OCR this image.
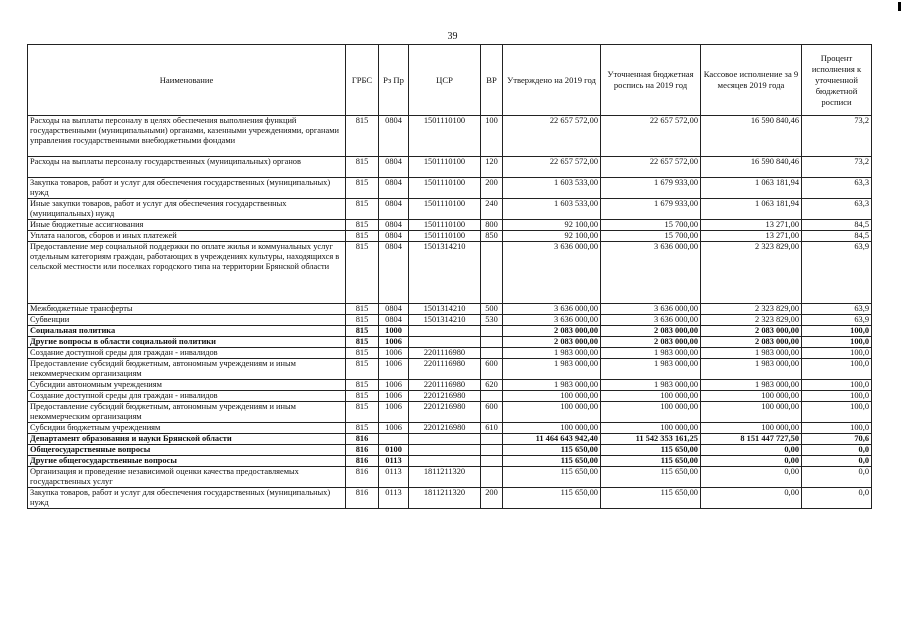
39
Наименование	ГРБС	Рз Пр	ЦСР	ВР	Утверждено на 2019 год	Уточненная бюджетная роспись на 2019 год	Кассовое исполнение за 9 месяцев 2019 года	Процент исполнения к уточненной бюджетной росписи
Расходы на выплаты персоналу в целях обеспечения выполнения функций государственными (муниципальными) органами, казенными учреждениями, органами управления государственными внебюджетными фондами	815	0804	1501110100	100	22 657 572,00	22 657 572,00	16 590 840,46	73,2
Расходы на выплаты персоналу государственных (муниципальных) органов	815	0804	1501110100	120	22 657 572,00	22 657 572,00	16 590 840,46	73,2
Закупка товаров, работ и услуг для обеспечения государственных (муниципальных) нужд	815	0804	1501110100	200	1 603 533,00	1 679 933,00	1 063 181,94	63,3
Иные закупки товаров, работ и услуг для обеспечения государственных (муниципальных) нужд	815	0804	1501110100	240	1 603 533,00	1 679 933,00	1 063 181,94	63,3
Иные бюджетные ассигнования	815	0804	1501110100	800	92 100,00	15 700,00	13 271,00	84,5
Уплата налогов, сборов и иных платежей	815	0804	1501110100	850	92 100,00	15 700,00	13 271,00	84,5
Предоставление мер социальной поддержки по оплате жилья и коммунальных услуг отдельным категориям граждан, работающих в учреждениях культуры, находящихся в сельской местности или поселках городского типа на территории Брянской области	815	0804	1501314210		3 636 000,00	3 636 000,00	2 323 829,00	63,9
Межбюджетные трансферты	815	0804	1501314210	500	3 636 000,00	3 636 000,00	2 323 829,00	63,9
Субвенции	815	0804	1501314210	530	3 636 000,00	3 636 000,00	2 323 829,00	63,9
Социальная политика	815	1000			2 083 000,00	2 083 000,00	2 083 000,00	100,0
Другие вопросы в области социальной политики	815	1006			2 083 000,00	2 083 000,00	2 083 000,00	100,0
Создание доступной среды для граждан - инвалидов	815	1006	2201116980		1 983 000,00	1 983 000,00	1 983 000,00	100,0
Предоставление субсидий бюджетным, автономным учреждениям и иным некоммерческим организациям	815	1006	2201116980	600	1 983 000,00	1 983 000,00	1 983 000,00	100,0
Субсидии автономным учреждениям	815	1006	2201116980	620	1 983 000,00	1 983 000,00	1 983 000,00	100,0
Создание доступной среды для граждан - инвалидов	815	1006	2201216980		100 000,00	100 000,00	100 000,00	100,0
Предоставление субсидий бюджетным, автономным учреждениям и иным некоммерческим организациям	815	1006	2201216980	600	100 000,00	100 000,00	100 000,00	100,0
Субсидии бюджетным учреждениям	815	1006	2201216980	610	100 000,00	100 000,00	100 000,00	100,0
Департамент образования и науки Брянской области	816				11 464 643 942,40	11 542 353 161,25	8 151 447 727,50	70,6
Общегосударственные вопросы	816	0100			115 650,00	115 650,00	0,00	0,0
Другие общегосударственные вопросы	816	0113			115 650,00	115 650,00	0,00	0,0
Организация и проведение независимой оценки качества предоставляемых государственных услуг	816	0113	1811211320		115 650,00	115 650,00	0,00	0,0
Закупка товаров, работ и услуг для обеспечения государственных (муниципальных) нужд	816	0113	1811211320	200	115 650,00	115 650,00	0,00	0,0
